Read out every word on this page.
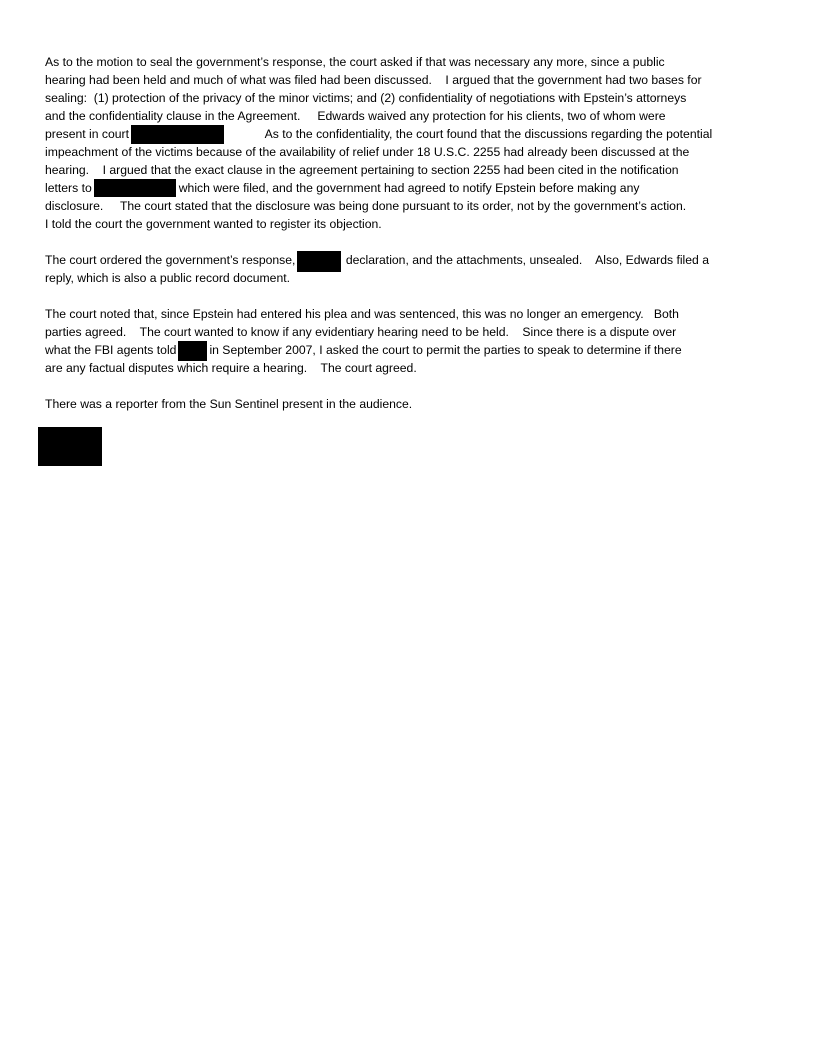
As to the motion to seal the government’s response, the court asked if that was necessary any more, since a public
hearing had been held and much of what was filed had been discussed.    I argued that the government had two bases for
sealing:  (1) protection of the privacy of the minor victims; and (2) confidentiality of negotiations with Epstein’s attorneys
and the confidentiality clause in the Agreement.     Edwards waived any protection for his clients, two of whom were
present in court	As to the confidentiality, the court found that the discussions regarding the potential
impeachment of the victims because of the availability of relief under 18 U.S.C. 2255 had already been discussed at the
hearing.    I argued that the exact clause in the agreement pertaining to section 2255 had been cited in the notification
letters to	which were filed, and the government had agreed to notify Epstein before making any
disclosure.     The court stated that the disclosure was being done pursuant to its order, not by the government’s action.
I told the court the government wanted to register its objection.
The court ordered the government’s response,	declaration, and the attachments, unsealed.    Also, Edwards filed a
reply, which is also a public record document.
The court noted that, since Epstein had entered his plea and was sentenced, this was no longer an emergency.   Both
parties agreed.    The court wanted to know if any evidentiary hearing need to be held.    Since there is a dispute over
what the FBI agents told	in September 2007, I asked the court to permit the parties to speak to determine if there
are any factual disputes which require a hearing.    The court agreed.
There was a reporter from the Sun Sentinel present in the audience.
